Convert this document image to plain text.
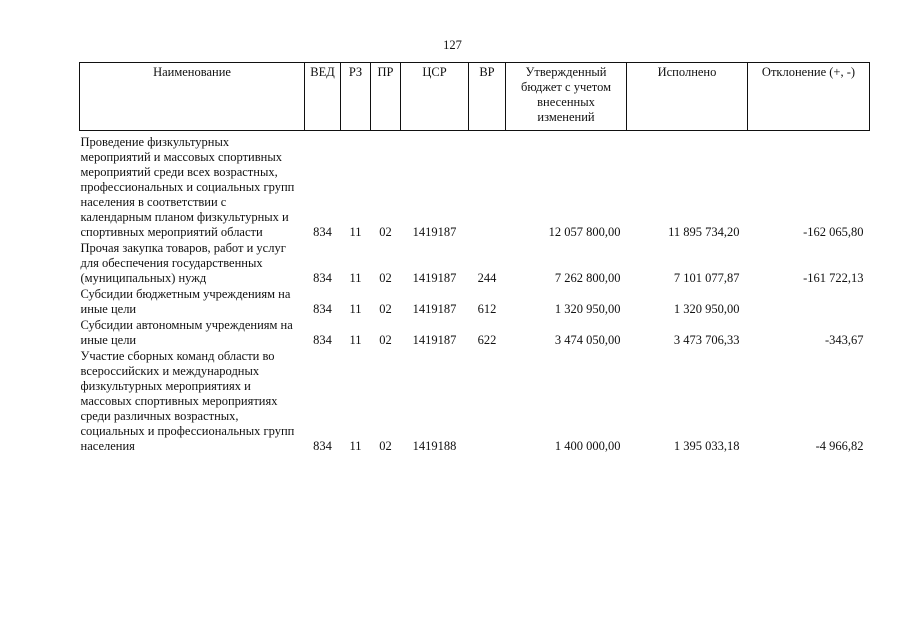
127
Наименование	ВЕД	РЗ	ПР	ЦСР	ВР	Утвержденный бюджет с учетом внесенных изменений	Исполнено	Отклонение (+, -)

Проведение физкультурных мероприятий и массовых спортивных мероприятий среди всех возрастных, профессиональных и социальных групп населения в соответствии с календарным планом физкультурных и спортивных мероприятий области	834	11	02	1419187		12 057 800,00	11 895 734,20	-162 065,80
Прочая закупка товаров, работ и услуг для обеспечения государственных (муниципальных) нужд	834	11	02	1419187	244	7 262 800,00	7 101 077,87	-161 722,13
Субсидии бюджетным учреждениям на иные цели	834	11	02	1419187	612	1 320 950,00	1 320 950,00	
Субсидии автономным учреждениям на иные цели	834	11	02	1419187	622	3 474 050,00	3 473 706,33	-343,67
Участие сборных команд области во всероссийских и международных физкультурных мероприятиях и массовых спортивных мероприятиях среди различных возрастных, социальных и профессиональных групп населения	834	11	02	1419188		1 400 000,00	1 395 033,18	-4 966,82
